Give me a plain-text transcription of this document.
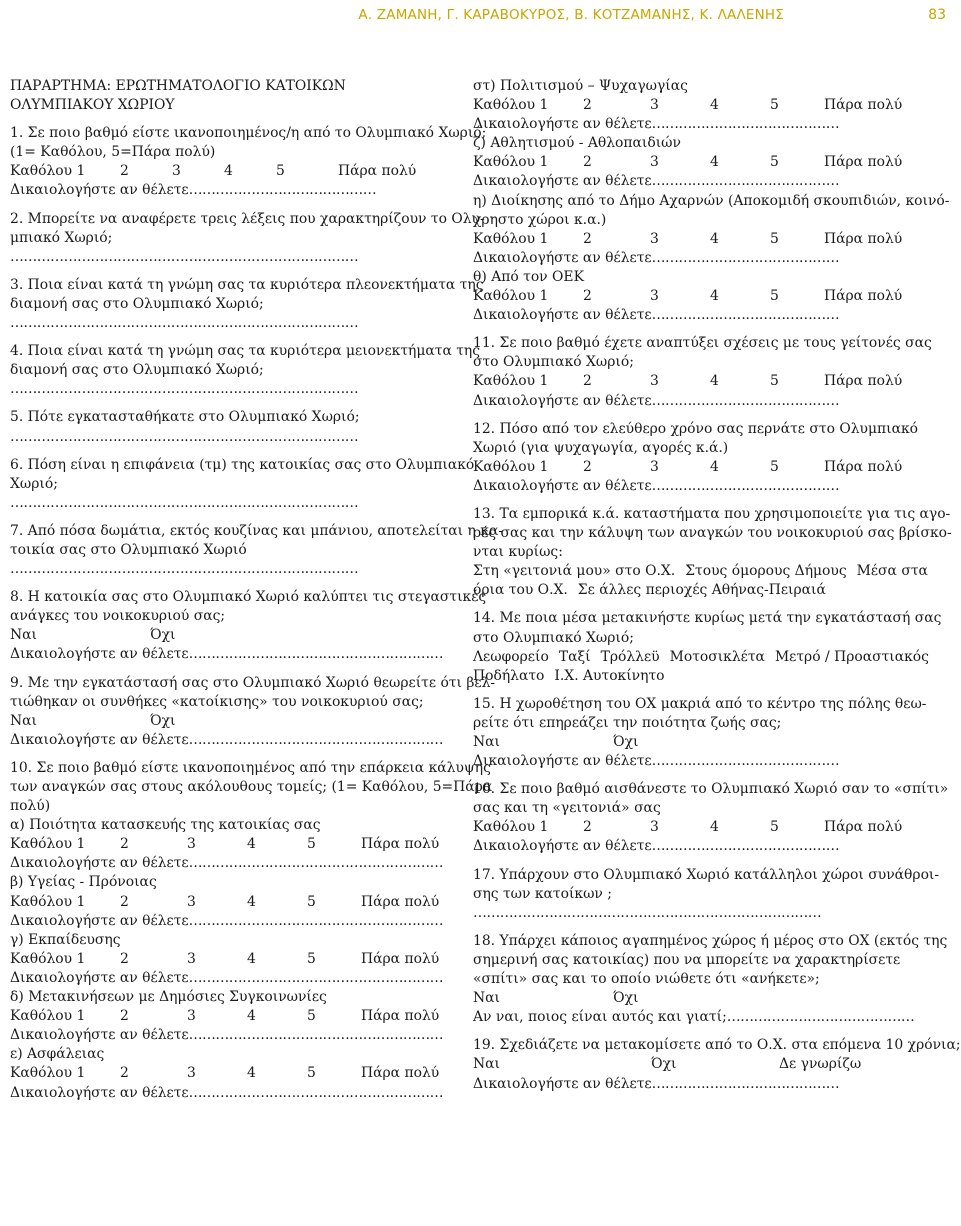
Α. ΖΑΜΑΝΗ, Γ. ΚΑΡΑΒΟΚΥΡΟΣ, Β. ΚΟΤΖΑΜΑΝΗΣ, Κ. ΛΑΛΕΝΗΣ	83
ΠΑΡΑΡΤΗΜΑ: ΕΡΩΤΗΜΑΤΟΛΟΓΙΟ ΚΑΤΟΙΚΩΝ
ΟΛΥΜΠΙΑΚΟΥ ΧΩΡΙΟΥ
1. Σε ποιο βαθμό είστε ικανοποιημένος/η από το Ολυμπιακό Χωριό;
(1= Καθόλου, 5=Πάρα πολύ)
Καθόλου 1	2	3	4	5	Πάρα πολύ
Δικαιολογήστε αν θέλετε……………………………………
2. Μπορείτε να αναφέρετε τρεις λέξεις που χαρακτηρίζουν το Ολυ-
μπιακό Χωριό;
……………………………………………………………………
3. Ποια είναι κατά τη γνώμη σας τα κυριότερα πλεονεκτήματα της
διαμονή σας στο Ολυμπιακό Χωριό;
……………………………………………………………………
4. Ποια είναι κατά τη γνώμη σας τα κυριότερα μειονεκτήματα της
διαμονή σας στο Ολυμπιακό Χωριό;
……………………………………………………………………
5. Πότε εγκατασταθήκατε στο Ολυμπιακό Χωριό;
……………………………………………………………………
6. Πόση είναι η επιφάνεια (τμ) της κατοικίας σας στο Ολυμπιακό
Χωριό;
……………………………………………………………………
7. Από πόσα δωμάτια, εκτός κουζίνας και μπάνιου, αποτελείται η κα-
τοικία σας στο Ολυμπιακό Χωριό
……………………………………………………………………
8. Η κατοικία σας στο Ολυμπιακό Χωριό καλύπτει τις στεγαστικές
ανάγκες του νοικοκυριού σας;
Ναι	Όχι
Δικαιολογήστε αν θέλετε…………………………………………………
9. Με την εγκατάστασή σας στο Ολυμπιακό Χωριό θεωρείτε ότι βελ-
τιώθηκαν οι συνθήκες «κατοίκισης» του νοικοκυριού σας;
Ναι	Όχι
Δικαιολογήστε αν θέλετε…………………………………………………
10. Σε ποιο βαθμό είστε ικανοποιημένος από την επάρκεια κάλυψης
των αναγκών σας στους ακόλουθους τομείς; (1= Καθόλου, 5=Πάρα
πολύ)
α) Ποιότητα κατασκευής της κατοικίας σας
Καθόλου 1	2	3	4	5	Πάρα πολύ
Δικαιολογήστε αν θέλετε…………………………………………………
β) Υγείας - Πρόνοιας
Καθόλου 1	2	3	4	5	Πάρα πολύ
Δικαιολογήστε αν θέλετε…………………………………………………
γ) Εκπαίδευσης
Καθόλου 1	2	3	4	5	Πάρα πολύ
Δικαιολογήστε αν θέλετε…………………………………………………
δ) Μετακινήσεων με Δημόσιες Συγκοινωνίες
Καθόλου 1	2	3	4	5	Πάρα πολύ
Δικαιολογήστε αν θέλετε…………………………………………………
ε) Ασφάλειας
Καθόλου 1	2	3	4	5	Πάρα πολύ
Δικαιολογήστε αν θέλετε…………………………………………………
στ) Πολιτισμού – Ψυχαγωγίας
Καθόλου 1	2	3	4	5	Πάρα πολύ
Δικαιολογήστε αν θέλετε……………………………………
ζ) Αθλητισμού - Αθλοπαιδιών
Καθόλου 1	2	3	4	5	Πάρα πολύ
Δικαιολογήστε αν θέλετε……………………………………
η) Διοίκησης από το Δήμο Αχαρνών (Αποκομιδή σκουπιδιών, κοινό-
χρηστο χώροι κ.α.)
Καθόλου 1	2	3	4	5	Πάρα πολύ
Δικαιολογήστε αν θέλετε……………………………………
θ) Από τον ΟΕΚ
Καθόλου 1	2	3	4	5	Πάρα πολύ
Δικαιολογήστε αν θέλετε……………………………………
11. Σε ποιο βαθμό έχετε αναπτύξει σχέσεις με τους γείτονές σας
στο Ολυμπιακό Χωριό;
Καθόλου 1	2	3	4	5	Πάρα πολύ
Δικαιολογήστε αν θέλετε……………………………………
12. Πόσο από τον ελεύθερο χρόνο σας περνάτε στο Ολυμπιακό
Χωριό (για ψυχαγωγία, αγορές κ.ά.)
Καθόλου 1	2	3	4	5	Πάρα πολύ
Δικαιολογήστε αν θέλετε……………………………………
13. Τα εμπορικά κ.ά. καταστήματα που χρησιμοποιείτε για τις αγο-
ρές σας και την κάλυψη των αναγκών του νοικοκυριού σας βρίσκο-
νται κυρίως:
Στη «γειτονιά μου» στο Ο.Χ. Στους όμορους Δήμους Μέσα στα
όρια του Ο.Χ. Σε άλλες περιοχές Αθήνας-Πειραιά
14. Με ποια μέσα μετακινήστε κυρίως μετά την εγκατάστασή σας
στο Ολυμπιακό Χωριό;
Λεωφορείο Ταξί Τρόλλεϋ Μοτοσικλέτα Μετρό / Προαστιακός
Ποδήλατο Ι.Χ. Αυτοκίνητο
15. Η χωροθέτηση του ΟΧ μακριά από το κέντρο της πόλης θεω-
ρείτε ότι επηρεάζει την ποιότητα ζωής σας;
Ναι	Όχι
Δικαιολογήστε αν θέλετε……………………………………
16. Σε ποιο βαθμό αισθάνεστε το Ολυμπιακό Χωριό σαν το «σπίτι»
σας και τη «γειτονιά» σας
Καθόλου 1	2	3	4	5	Πάρα πολύ
Δικαιολογήστε αν θέλετε……………………………………
17. Υπάρχουν στο Ολυμπιακό Χωριό κατάλληλοι χώροι συνάθροι-
σης των κατοίκων ;
……………………………………………………………………
18. Υπάρχει κάποιος αγαπημένος χώρος ή μέρος στο ΟΧ (εκτός της
σημερινή σας κατοικίας) που να μπορείτε να χαρακτηρίσετε
«σπίτι» σας και το οποίο νιώθετε ότι «ανήκετε»;
Ναι	Όχι
Αν ναι, ποιος είναι αυτός και γιατί;……………………………………
19. Σχεδιάζετε να μετακομίσετε από το Ο.Χ. στα επόμενα 10 χρόνια;
Ναι	Όχι	Δε γνωρίζω
Δικαιολογήστε αν θέλετε……………………………………
